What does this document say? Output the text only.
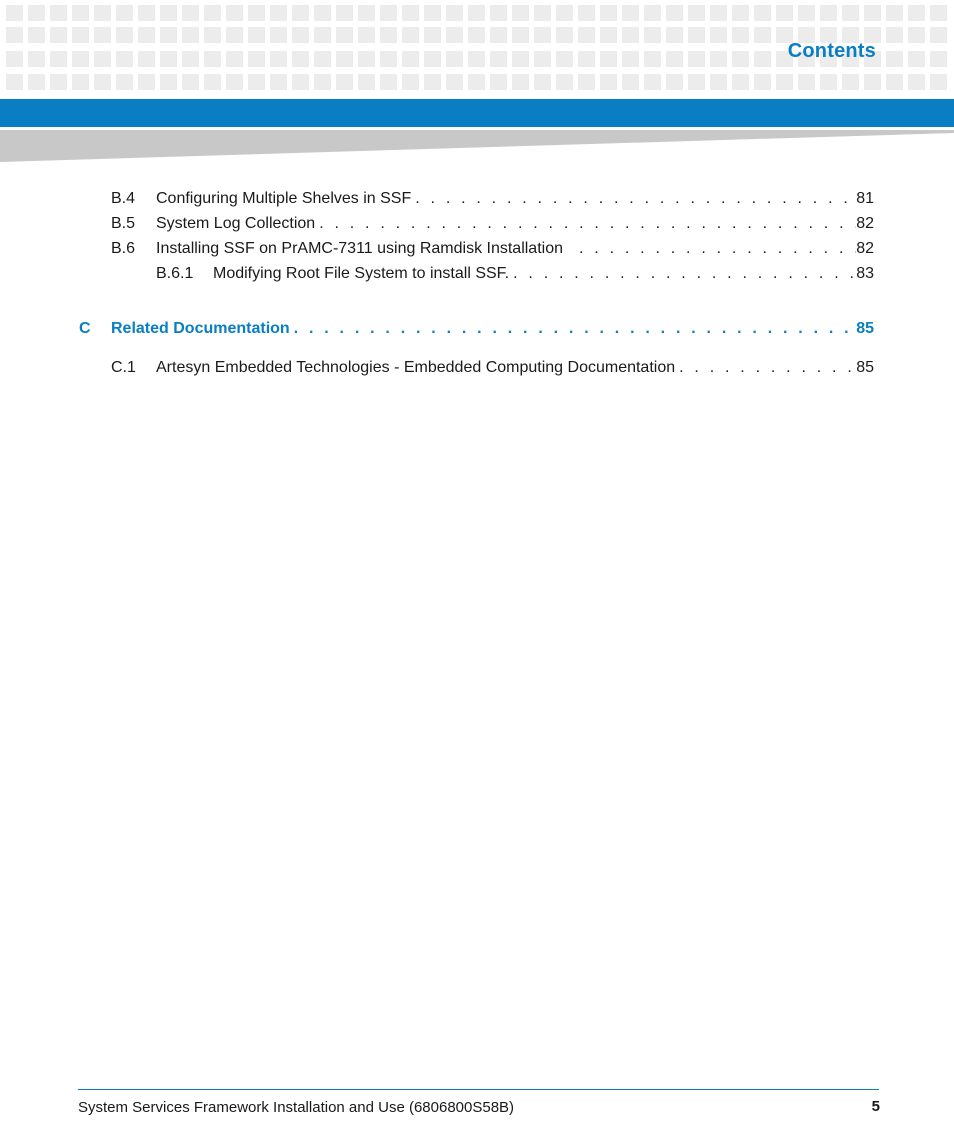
Contents
B.4	Configuring Multiple Shelves in SSF . . .	81
B.5	System Log Collection . . .	82
B.6	Installing SSF on PrAMC-7311 using Ramdisk Installation . . .	82
B.6.1	Modifying Root File System to install SSF. . . .	83
C	Related Documentation . . .	85
C.1	Artesyn Embedded Technologies - Embedded Computing Documentation . . .	85
System Services Framework Installation and Use (6806800S58B)	5
